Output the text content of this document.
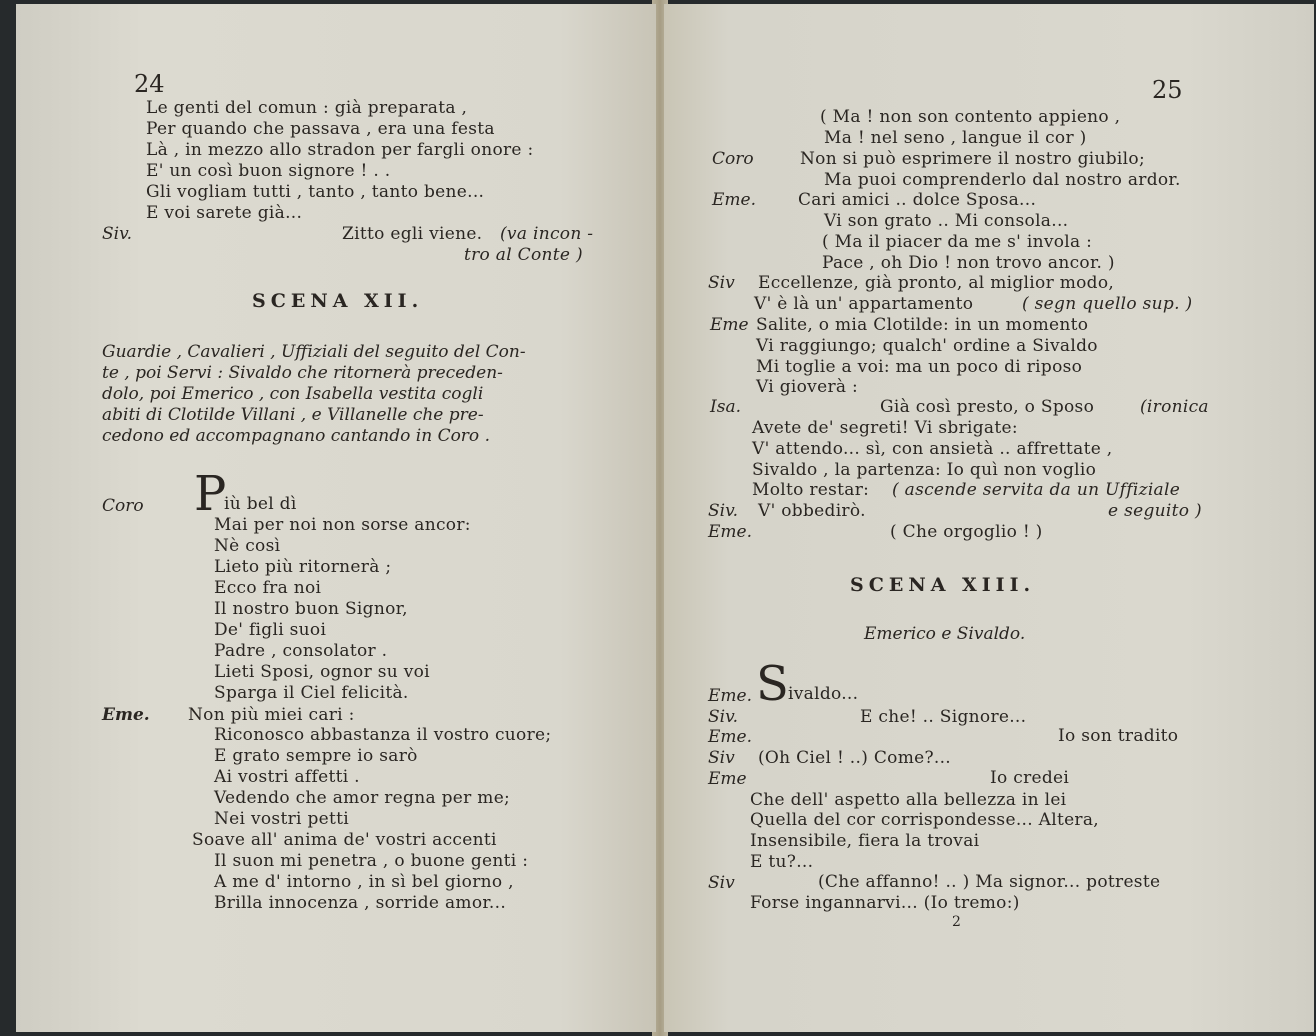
24
Le genti del comun : già preparata ,
Per quando che passava , era una festa
Là , in mezzo allo stradon per fargli onore :
E' un così buon signore ! . .
Gli vogliam tutti , tanto , tanto bene...
E voi sarete già...
Siv.	Zitto egli viene. (va incon -
tro al Conte )
SCENA XII.
Guardie , Cavalieri , Uffiziali del seguito del Con-
te , poi Servi : Sivaldo che ritornerà preceden-
dolo, poi Emerico , con Isabella vestita cogli
abiti di Clotilde Villani , e Villanelle che pre-
cedono ed accompagnano cantando in Coro .
Coro P
iù bel dì
Mai per noi non sorse ancor:
Nè così
Lieto più ritornerà ;
Ecco fra noi
Il nostro buon Signor,
De' figli suoi
Padre , consolator .
Lieti Sposi, ognor su voi
Sparga il Ciel felicità.
Eme. Non più miei cari :
Riconosco abbastanza il vostro cuore;
E grato sempre io sarò
Ai vostri affetti .
Vedendo che amor regna per me;
Nei vostri petti
Soave all' anima de' vostri accenti
Il suon mi penetra , o buone genti :
A me d' intorno , in sì bel giorno ,
Brilla innocenza , sorride amor...
25
( Ma ! non son contento appieno ,
Ma ! nel seno , langue il cor )
Coro	Non si può esprimere il nostro giubilo;
Ma puoi comprenderlo dal nostro ardor.
Eme. Cari amici .. dolce Sposa...
Vi son grato .. Mi consola...
( Ma il piacer da me s' invola :
Pace , oh Dio ! non trovo ancor. )
Siv Eccellenze, già pronto, al miglior modo,
V' è là un' appartamento	( segn quello sup. )
Eme Salite, o mia Clotilde: in un momento
Vi raggiungo; qualch' ordine a Sivaldo
Mi toglie a voi: ma un poco di riposo
Vi gioverà :
Isa.	Già così presto, o Sposo	(ironica
Avete de' segreti! Vi sbrigate:
V' attendo... sì, con ansietà .. affrettate ,
Sivaldo , la partenza: Io quì non voglio
Molto restar: ( ascende servita da un Uffiziale
Siv. V' obbedirò.	e seguito )
Eme.	( Che orgoglio ! )
SCENA XIII.
Emerico e Sivaldo.
Eme. S ivaldo...
Siv.	E che! .. Signore...
Eme.	Io son tradito
Siv (Oh Ciel ! ..) Come?...
Eme	Io credei
Che dell' aspetto alla bellezza in lei
Quella del cor corrispondesse... Altera,
Insensibile, fiera la trovai
E tu?...
Siv	(Che affanno! .. ) Ma signor... potreste
Forse ingannarvi... (Io tremo:)
2
